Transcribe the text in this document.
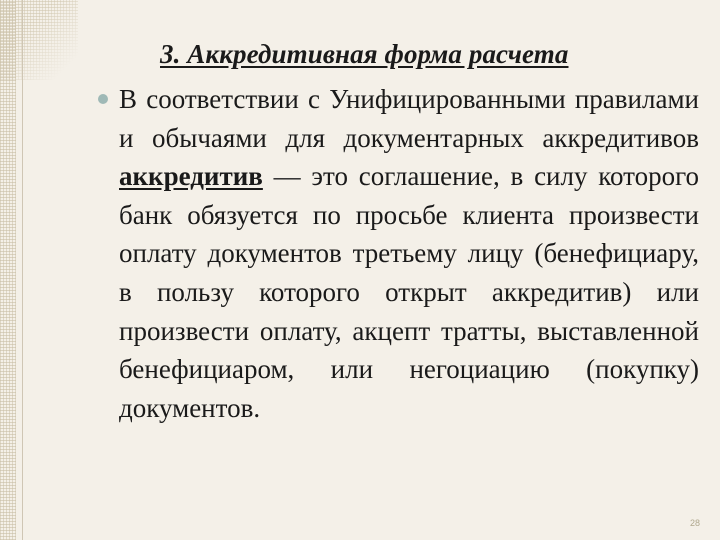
3. Аккредитивная форма расчета
В соответствии с Унифицированными правилами и обычаями для документарных аккредитивов аккредитив — это соглашение, в силу которого банк обязуется по просьбе клиента произвести оплату документов третьему лицу (бенефициару, в пользу которого открыт аккредитив) или произвести оплату, акцепт тратты, выставленной бенефициаром, или негоциацию (покупку) документов.
28
